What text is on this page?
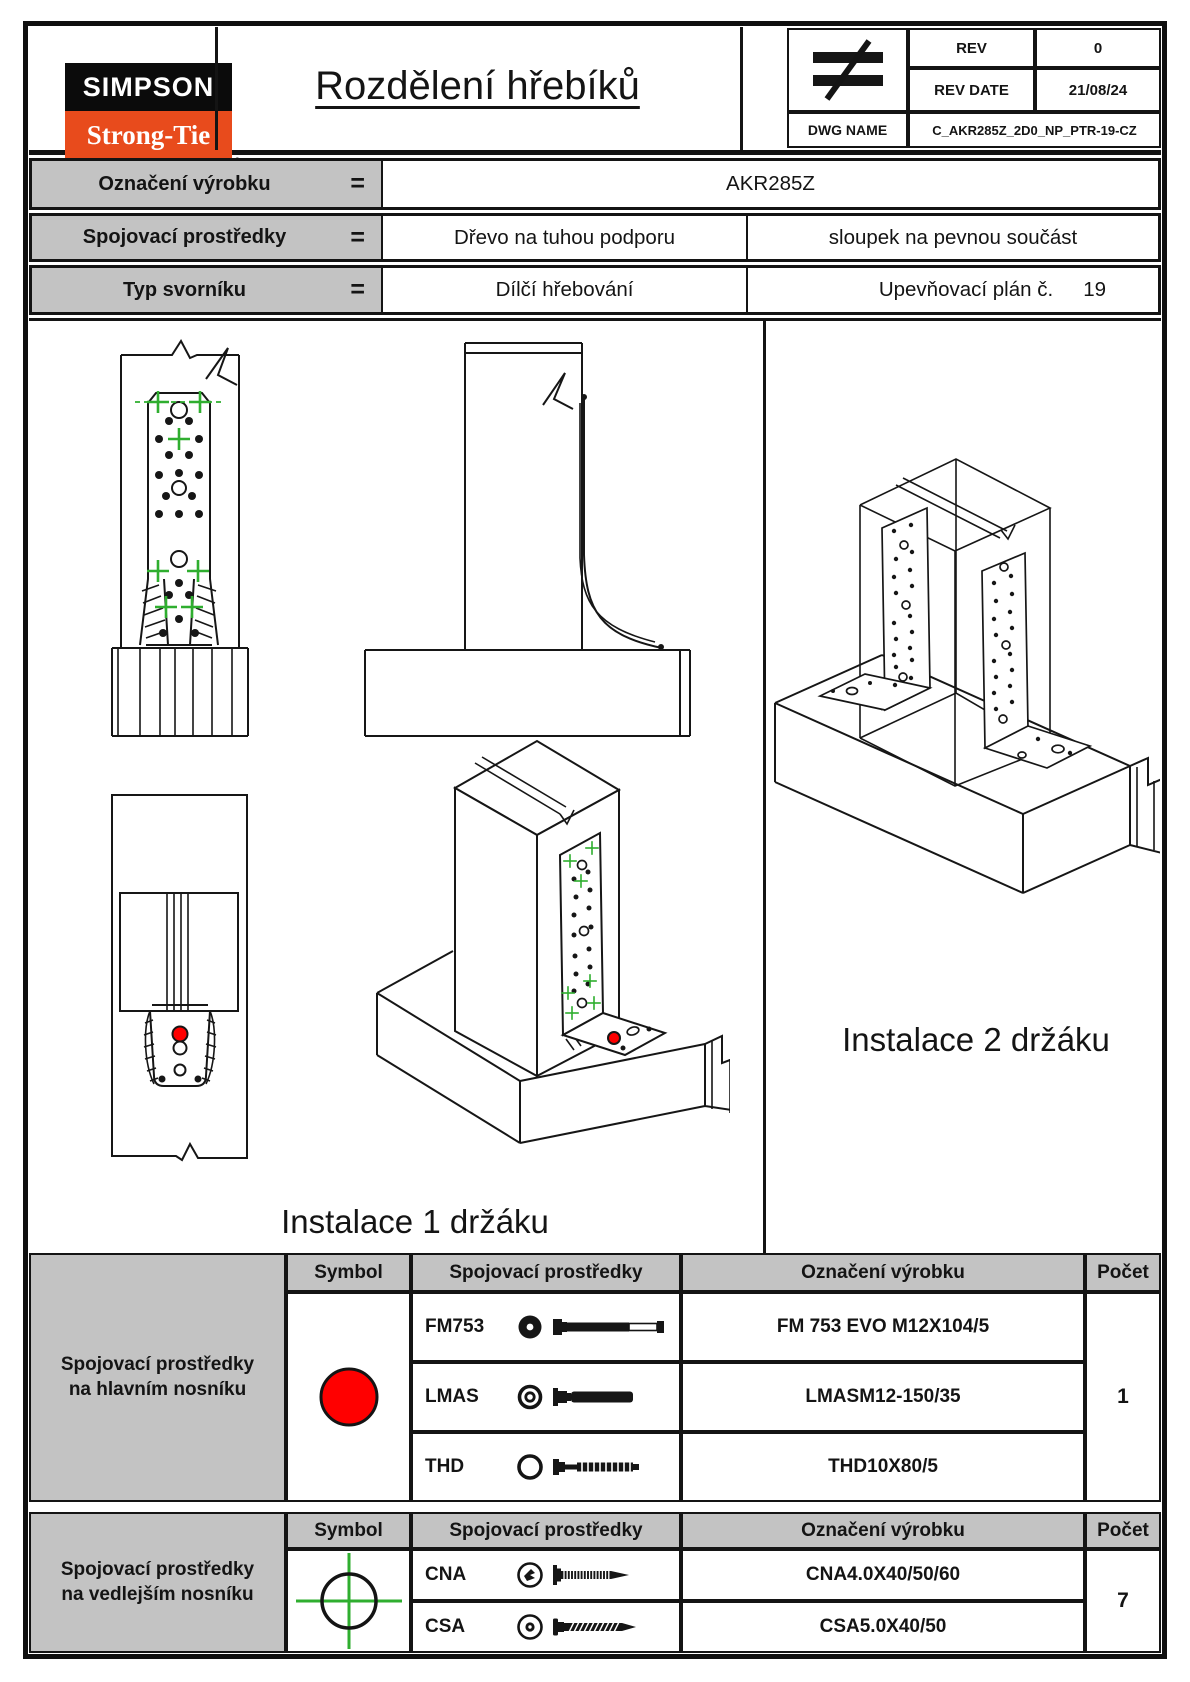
SIMPSON
Strong-Tie
Rozdělení hřebíků
REV	0
REV DATE	21/08/24
DWG NAME	C_AKR285Z_2D0_NP_PTR-19-CZ
Označení výrobku	=	AKR285Z
Spojovací prostředky	=	Dřevo na tuhou podporu	sloupek na pevnou součást
Typ svorníku	=	Dílčí hřebování	Upevňovací plán č. 19
Instalace 1 držáku
Instalace 2 držáku
Spojovací prostředky na hlavním nosníku
Symbol	Spojovací prostředky	Označení výrobku	Počet
FM753	FM 753 EVO M12X104/5
LMAS	LMASM12-150/35
THD	THD10X80/5
1
Spojovací prostředky na vedlejším nosníku
Symbol	Spojovací prostředky	Označení výrobku	Počet
CNA	CNA4.0X40/50/60
CSA	CSA5.0X40/50
7
